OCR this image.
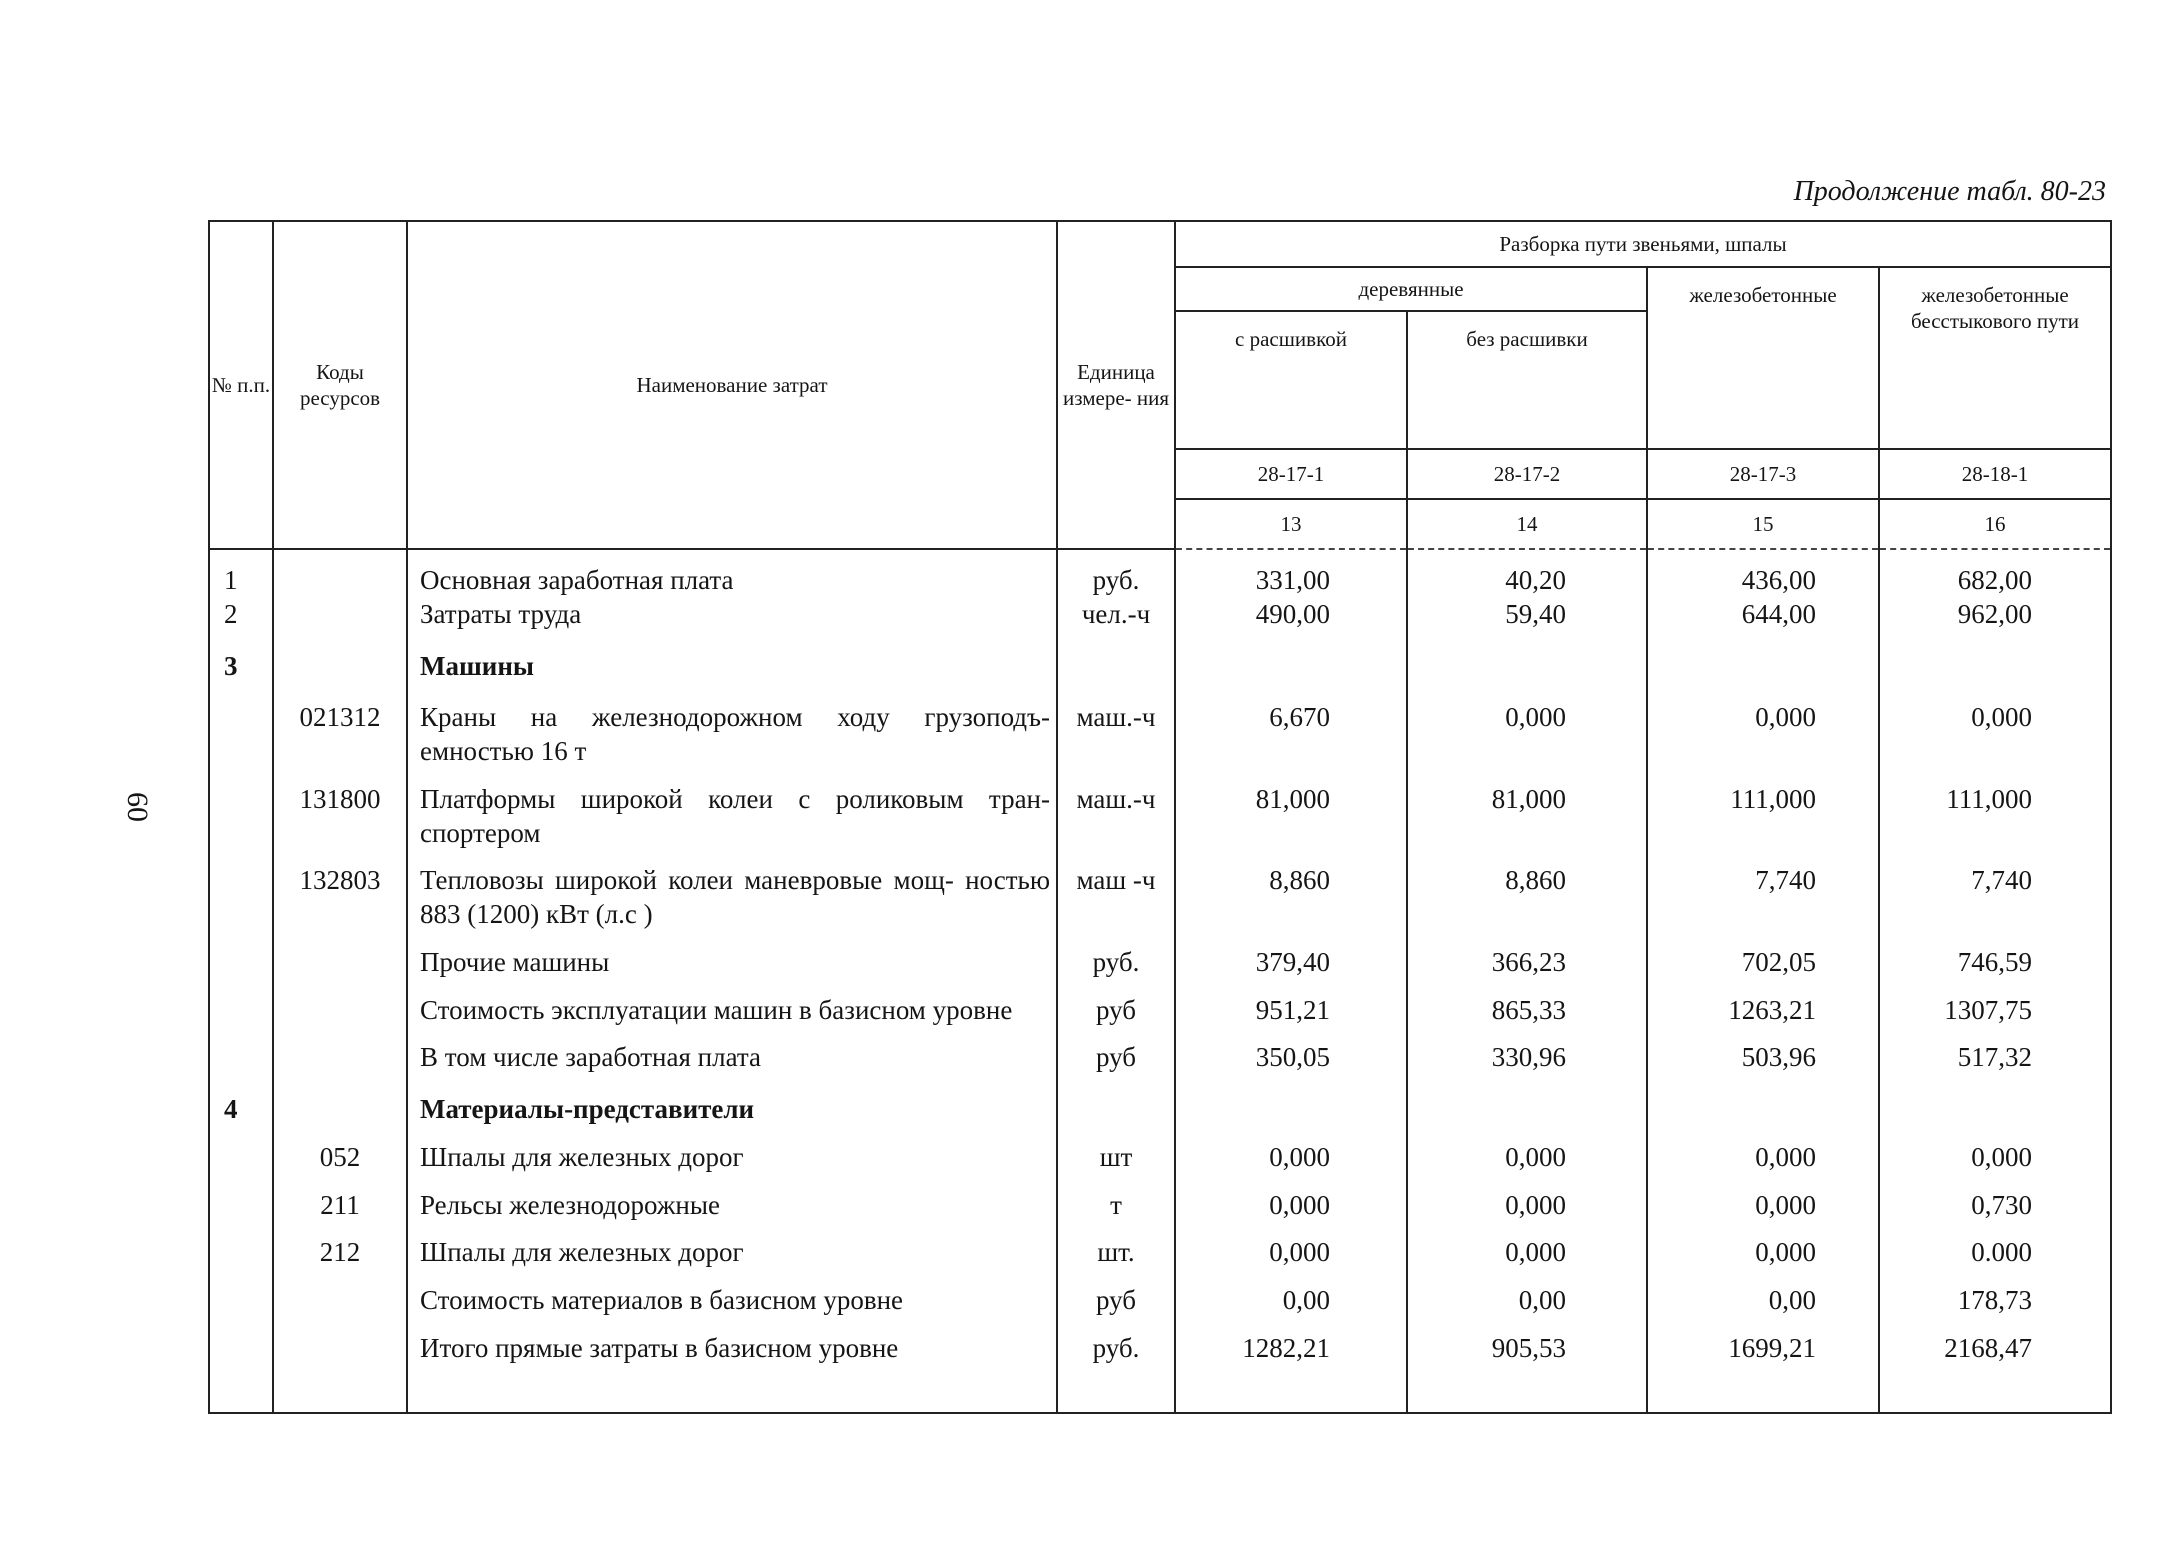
Продолжение табл. 80-23
60
№ п.п.	Коды ресурсов	Наименование затрат	Единица измере- ния	Разборка пути звеньями, шпалы			
				деревянные		железобетонные	железобетонные бесстыкового пути
				с расшивкой	без расшивки		
				28-17-1	28-17-2	28-17-3	28-18-1
				13	14	15	16
1		Основная заработная плата	руб.	331,00	40,20	436,00	682,00
2		Затраты труда	чел.-ч	490,00	59,40	644,00	962,00
3		Машины					
	021312	Краны на железнодорожном ходу грузоподъ- емностью 16 т	маш.-ч	6,670	0,000	0,000	0,000
	131800	Платформы широкой колеи с роликовым тран- спортером	маш.-ч	81,000	81,000	111,000	111,000
	132803	Тепловозы широкой колеи маневровые мощ- ностью 883 (1200) кВт (л.с )	маш -ч	8,860	8,860	7,740	7,740
		Прочие машины	руб.	379,40	366,23	702,05	746,59
		Стоимость эксплуатации машин в базисном уровне	руб	951,21	865,33	1263,21	1307,75
		В том числе заработная плата	руб	350,05	330,96	503,96	517,32
4		Материалы-представители					
	052	Шпалы для железных дорог	шт	0,000	0,000	0,000	0,000
	211	Рельсы железнодорожные	т	0,000	0,000	0,000	0,730
	212	Шпалы для железных дорог	шт.	0,000	0,000	0,000	0.000
		Стоимость материалов в базисном уровне	руб	0,00	0,00	0,00	178,73
		Итого прямые затраты в базисном уровне	руб.	1282,21	905,53	1699,21	2168,47
